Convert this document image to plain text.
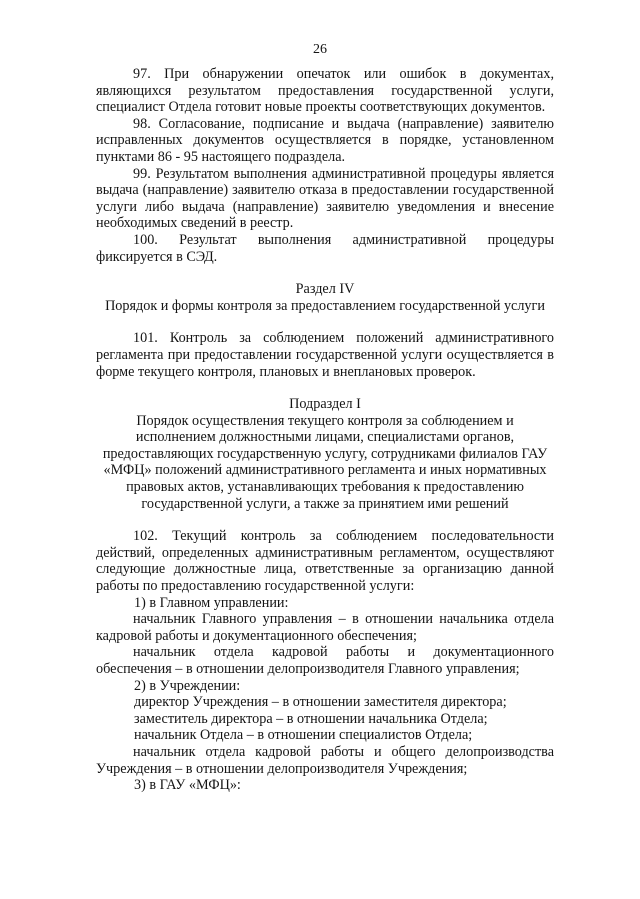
26

97. При обнаружении опечаток или ошибок в документах, являющихся результатом предоставления государственной услуги, специалист Отдела готовит новые проекты соответствующих документов.

98. Согласование, подписание и выдача (направление) заявителю исправленных документов осуществляется в порядке, установленном пунктами 86 - 95 настоящего подраздела.

99. Результатом выполнения административной процедуры является выдача (направление) заявителю отказа в предоставлении государственной услуги либо выдача (направление) заявителю уведомления и внесение необходимых сведений в реестр.

100. Результат выполнения административной процедуры фиксируется в СЭД.

Раздел IV

Порядок и формы контроля за предоставлением государственной услуги

101. Контроль за соблюдением положений административного регламента при предоставлении государственной услуги осуществляется в форме текущего контроля, плановых и внеплановых проверок.

Подраздел I

Порядок осуществления текущего контроля за соблюдением и исполнением должностными лицами, специалистами органов, предоставляющих государственную услугу, сотрудниками филиалов ГАУ «МФЦ» положений административного регламента и иных нормативных правовых актов, устанавливающих требования к предоставлению государственной услуги, а также за принятием ими решений

102. Текущий контроль за соблюдением последовательности действий, определенных административным регламентом, осуществляют следующие должностные лица, ответственные за организацию данной работы по предоставлению государственной услуги:

1) в Главном управлении:

начальник Главного управления – в отношении начальника отдела кадровой работы и документационного обеспечения;

начальник отдела кадровой работы и документационного обеспечения – в отношении делопроизводителя Главного управления;

2) в Учреждении:

директор Учреждения – в отношении заместителя директора;

заместитель директора – в отношении начальника Отдела;

начальник Отдела – в отношении специалистов Отдела;

начальник отдела кадровой работы и общего делопроизводства Учреждения – в отношении делопроизводителя Учреждения;

3) в ГАУ «МФЦ»:
